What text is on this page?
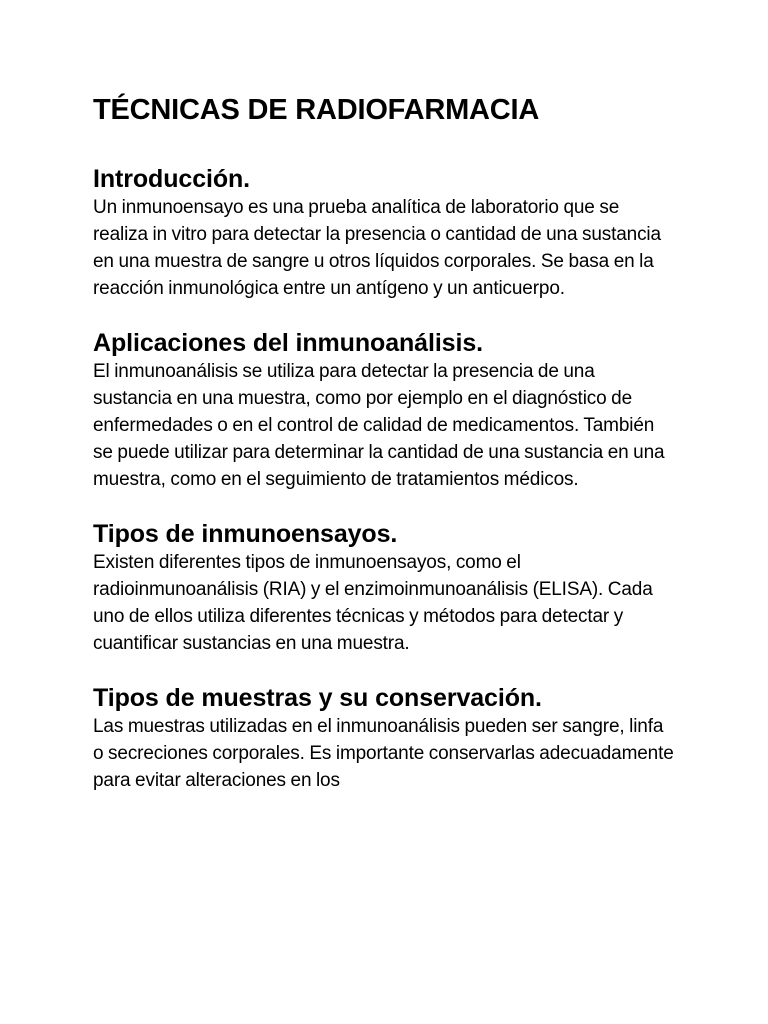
TÉCNICAS DE RADIOFARMACIA
Introducción.

Un inmunoensayo es una prueba analítica de laboratorio que se realiza in vitro para detectar la presencia o cantidad de una sustancia en una muestra de sangre u otros líquidos corporales. Se basa en la reacción inmunológica entre un antígeno y un anticuerpo.

Aplicaciones del inmunoanálisis.

El inmunoanálisis se utiliza para detectar la presencia de una sustancia en una muestra, como por ejemplo en el diagnóstico de enfermedades o en el control de calidad de medicamentos. También se puede utilizar para determinar la cantidad de una sustancia en una muestra, como en el seguimiento de tratamientos médicos.

Tipos de inmunoensayos.

Existen diferentes tipos de inmunoensayos, como el radioinmunoanálisis (RIA) y el enzimoinmunoanálisis (ELISA). Cada uno de ellos utiliza diferentes técnicas y métodos para detectar y cuantificar sustancias en una muestra.

Tipos de muestras y su conservación.

Las muestras utilizadas en el inmunoanálisis pueden ser sangre, linfa o secreciones corporales. Es importante conservarlas adecuadamente para evitar alteraciones en los
